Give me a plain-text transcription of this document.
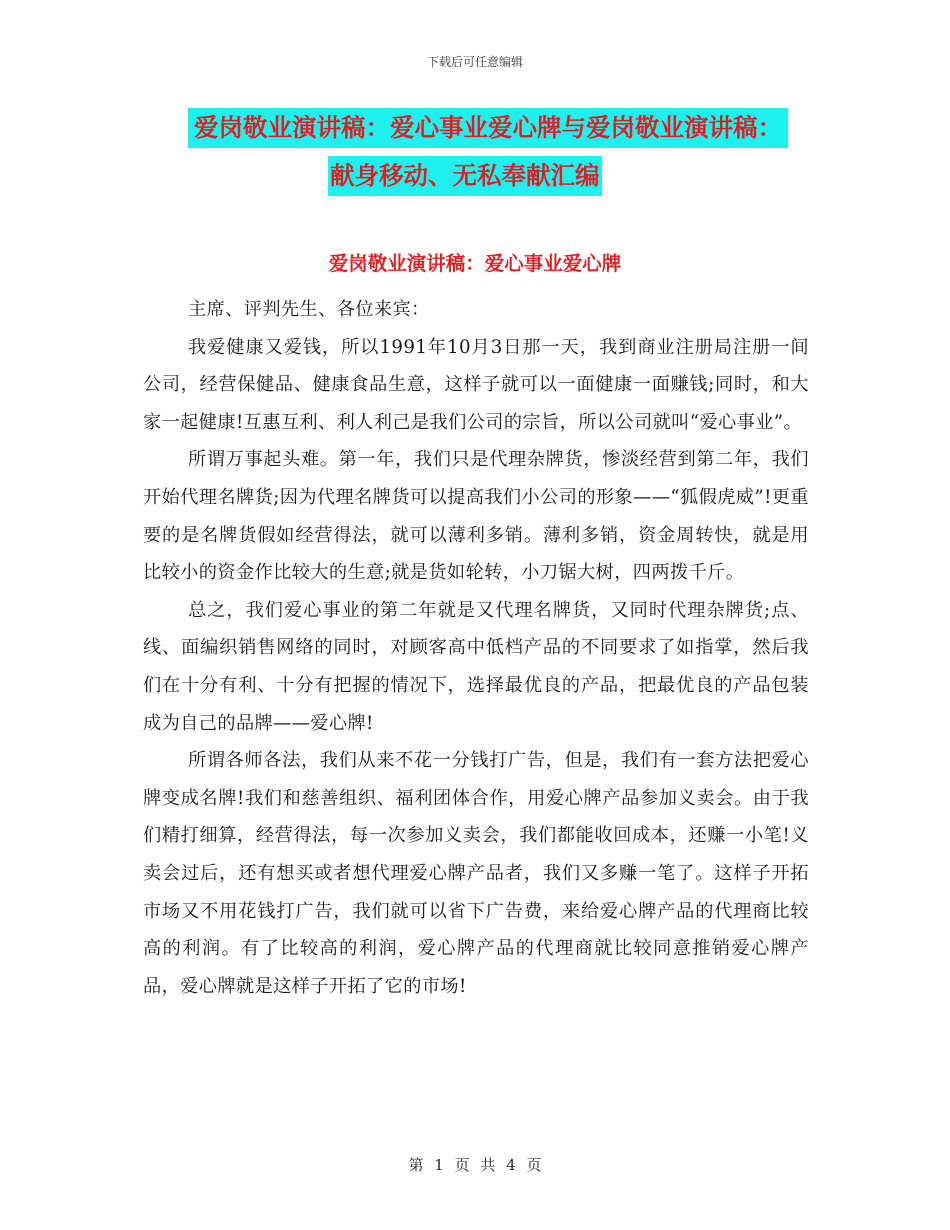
下载后可任意编辑
爱岗敬业演讲稿：爱心事业爱心牌与爱岗敬业演讲稿：
献身移动、无私奉献汇编
爱岗敬业演讲稿：爱心事业爱心牌

主席、评判先生、各位来宾：

我爱健康又爱钱，所以1991年10月3日那一天，我到商业注册局注册一间公司，经营保健品、健康食品生意，这样子就可以一面健康一面赚钱;同时，和大家一起健康!互惠互利、利人利己是我们公司的宗旨，所以公司就叫“爱心事业”。

所谓万事起头难。第一年，我们只是代理杂牌货，惨淡经营到第二年，我们开始代理名牌货;因为代理名牌货可以提高我们小公司的形象——“狐假虎威”!更重要的是名牌货假如经营得法，就可以薄利多销。薄利多销，资金周转快，就是用比较小的资金作比较大的生意;就是货如轮转，小刀锯大树，四两拨千斤。

总之，我们爱心事业的第二年就是又代理名牌货，又同时代理杂牌货;点、线、面编织销售网络的同时，对顾客高中低档产品的不同要求了如指掌，然后我们在十分有利、十分有把握的情况下，选择最优良的产品，把最优良的产品包装成为自己的品牌——爱心牌!

所谓各师各法，我们从来不花一分钱打广告，但是，我们有一套方法把爱心牌变成名牌!我们和慈善组织、福利团体合作，用爱心牌产品参加义卖会。由于我们精打细算，经营得法，每一次参加义卖会，我们都能收回成本，还赚一小笔!义卖会过后，还有想买或者想代理爱心牌产品者，我们又多赚一笔了。这样子开拓市场又不用花钱打广告，我们就可以省下广告费，来给爱心牌产品的代理商比较高的利润。有了比较高的利润，爱心牌产品的代理商就比较同意推销爱心牌产品，爱心牌就是这样子开拓了它的市场!

第 1 页 共 4 页
